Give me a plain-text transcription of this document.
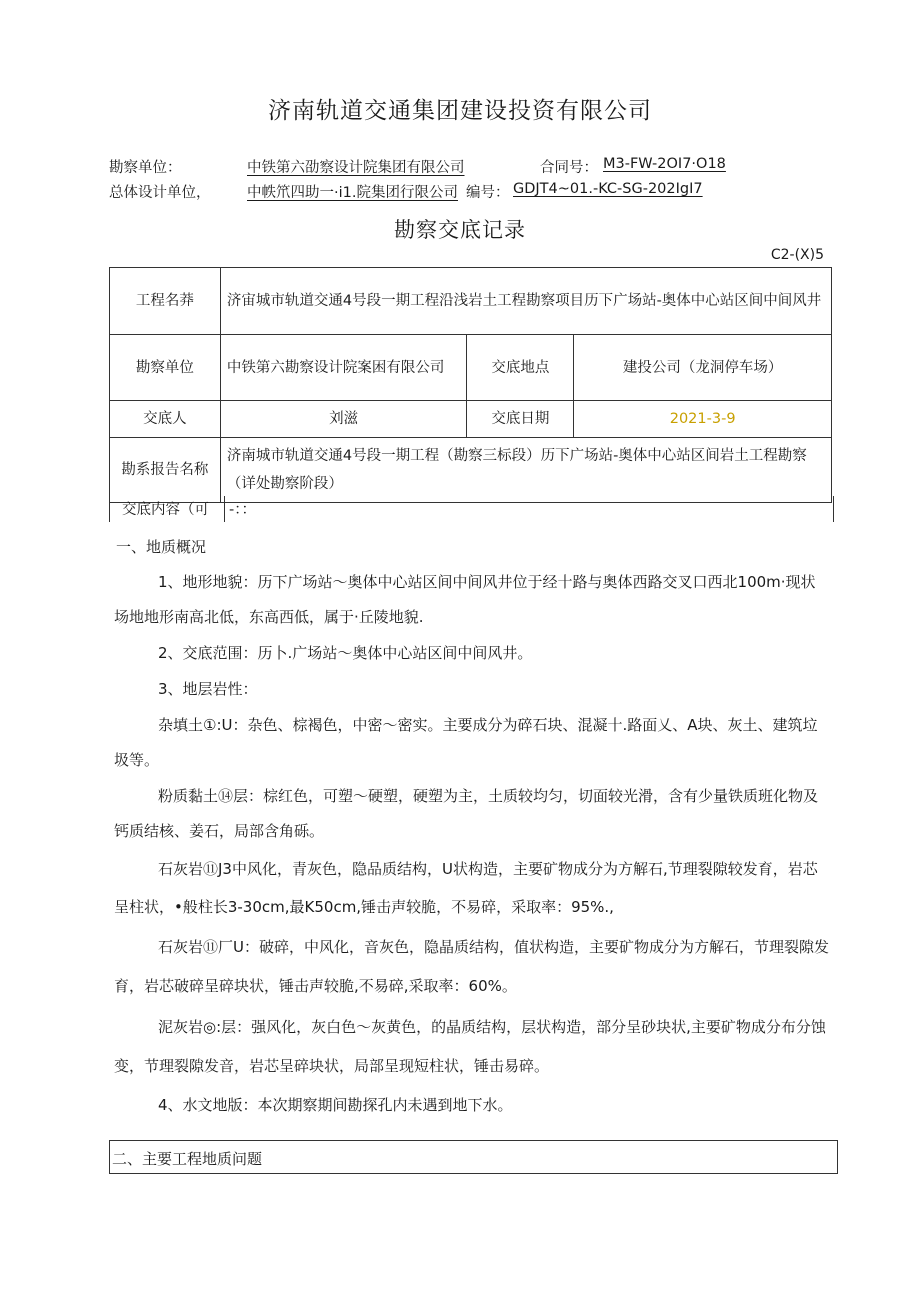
济南轨道交通集团建设投资有限公司
勘察单位：	中铁第六劭察设计院集团有限公司	合同号： M3-FW-2OI7·O18
总体设计单位，	中帙笊四助一·i1.院集团行限公司 编号： GDJT4~01.-KC-SG-202IgI7
勘察交底记录
C2-(X)5
工程名莽	济宙城市轨道交通4号段一期工程沿浅岩土工程勘察项目历下广场站-奥体中心站区间中间风井		
勘察单位	中铁第六勘察设计院案困有限公司	交底地点	建投公司（龙洞停车场）
交底人	刘滋	交底日期	2021-3-9
勘系报告名称	济南城市轨道交通4号段一期工程（勘察三标段）历下广场站-奥体中心站区间岩土工程勘察（详处勘察阶段）		
交底内容（可 -：：

一、地质概况

1、地形地貌：历下广场站～奥体中心站区间中间风井位于经十路与奥体西路交叉口西北100m·现状场地地形南高北低，东高西低，属于·丘陵地貌.

2、交底范围：历卜.广场站～奥体中心站区间中间风井。

3、地层岩性：

杂填土①:U：杂色、棕褐色，中密～密实。主要成分为碎石块、混凝十.路面乂、A块、灰土、建筑垃圾等。

粉质黏土⑭层：棕红色，可塑～硬塑，硬塑为主，土质较均匀，切面较光滑，含有少量铁质班化物及钙质结核、姜石，局部含角砾。

石灰岩⑪J3中风化，青灰色，隐品质结构，U状构造，主要矿物成分为方解石,节理裂隙较发育，岩芯呈柱状，•般柱长3-30cm,最K50cm,锤击声较脆，不易碎，采取率：95%.,

石灰岩⑪厂U：破碎，中风化，音灰色，隐晶质结构，值状构造，主要矿物成分为方解石，节理裂隙发育，岩芯破碎呈碎块状，锤击声较脆,不易碎,采取率：60%。

泥灰岩◎:层：强风化，灰白色～灰黄色，的晶质结构，层状构造，部分呈砂块状,主要矿物成分布分蚀变，节理裂隙发音，岩芯呈碎块状，局部呈现短柱状，锤击易碎。

4、水文地版：本次期察期间勘探孔内未遇到地下水。

二、主要工程地质问题
